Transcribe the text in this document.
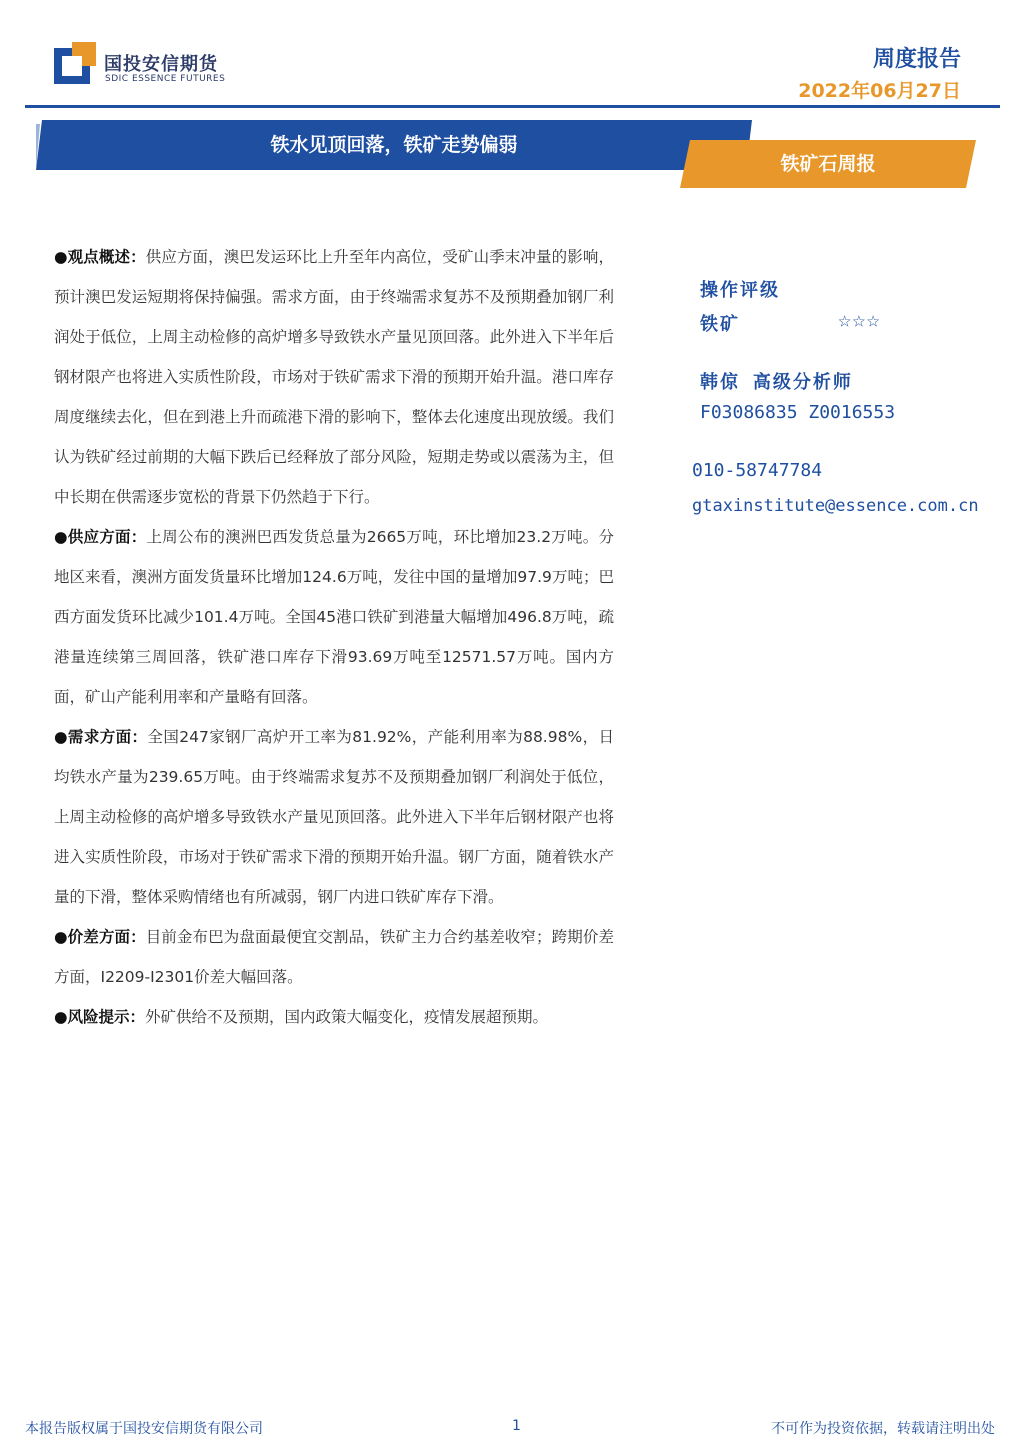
国投安信期货
SDIC ESSENCE FUTURES
周度报告
2022年06月27日
铁水见顶回落，铁矿走势偏弱
铁矿石周报

●观点概述：供应方面，澳巴发运环比上升至年内高位，受矿山季末冲量的影响，预计澳巴发运短期将保持偏强。需求方面，由于终端需求复苏不及预期叠加钢厂利润处于低位，上周主动检修的高炉增多导致铁水产量见顶回落。此外进入下半年后钢材限产也将进入实质性阶段，市场对于铁矿需求下滑的预期开始升温。港口库存周度继续去化，但在到港上升而疏港下滑的影响下，整体去化速度出现放缓。我们认为铁矿经过前期的大幅下跌后已经释放了部分风险，短期走势或以震荡为主，但中长期在供需逐步宽松的背景下仍然趋于下行。

●供应方面：上周公布的澳洲巴西发货总量为2665万吨，环比增加23.2万吨。分地区来看，澳洲方面发货量环比增加124.6万吨，发往中国的量增加97.9万吨；巴西方面发货环比减少101.4万吨。全国45港口铁矿到港量大幅增加496.8万吨，疏港量连续第三周回落，铁矿港口库存下滑93.69万吨至12571.57万吨。国内方面，矿山产能利用率和产量略有回落。

●需求方面：全国247家钢厂高炉开工率为81.92%，产能利用率为88.98%，日均铁水产量为239.65万吨。由于终端需求复苏不及预期叠加钢厂利润处于低位，上周主动检修的高炉增多导致铁水产量见顶回落。此外进入下半年后钢材限产也将进入实质性阶段，市场对于铁矿需求下滑的预期开始升温。钢厂方面，随着铁水产量的下滑，整体采购情绪也有所减弱，钢厂内进口铁矿库存下滑。

●价差方面：目前金布巴为盘面最便宜交割品，铁矿主力合约基差收窄；跨期价差方面，I2209-I2301价差大幅回落。

●风险提示：外矿供给不及预期，国内政策大幅变化，疫情发展超预期。

操作评级
铁矿	☆☆☆
韩倞 高级分析师
F03086835 Z0016553
010-58747784
gtaxinstitute@essence.com.cn
本报告版权属于国投安信期货有限公司	1	不可作为投资依据，转载请注明出处
